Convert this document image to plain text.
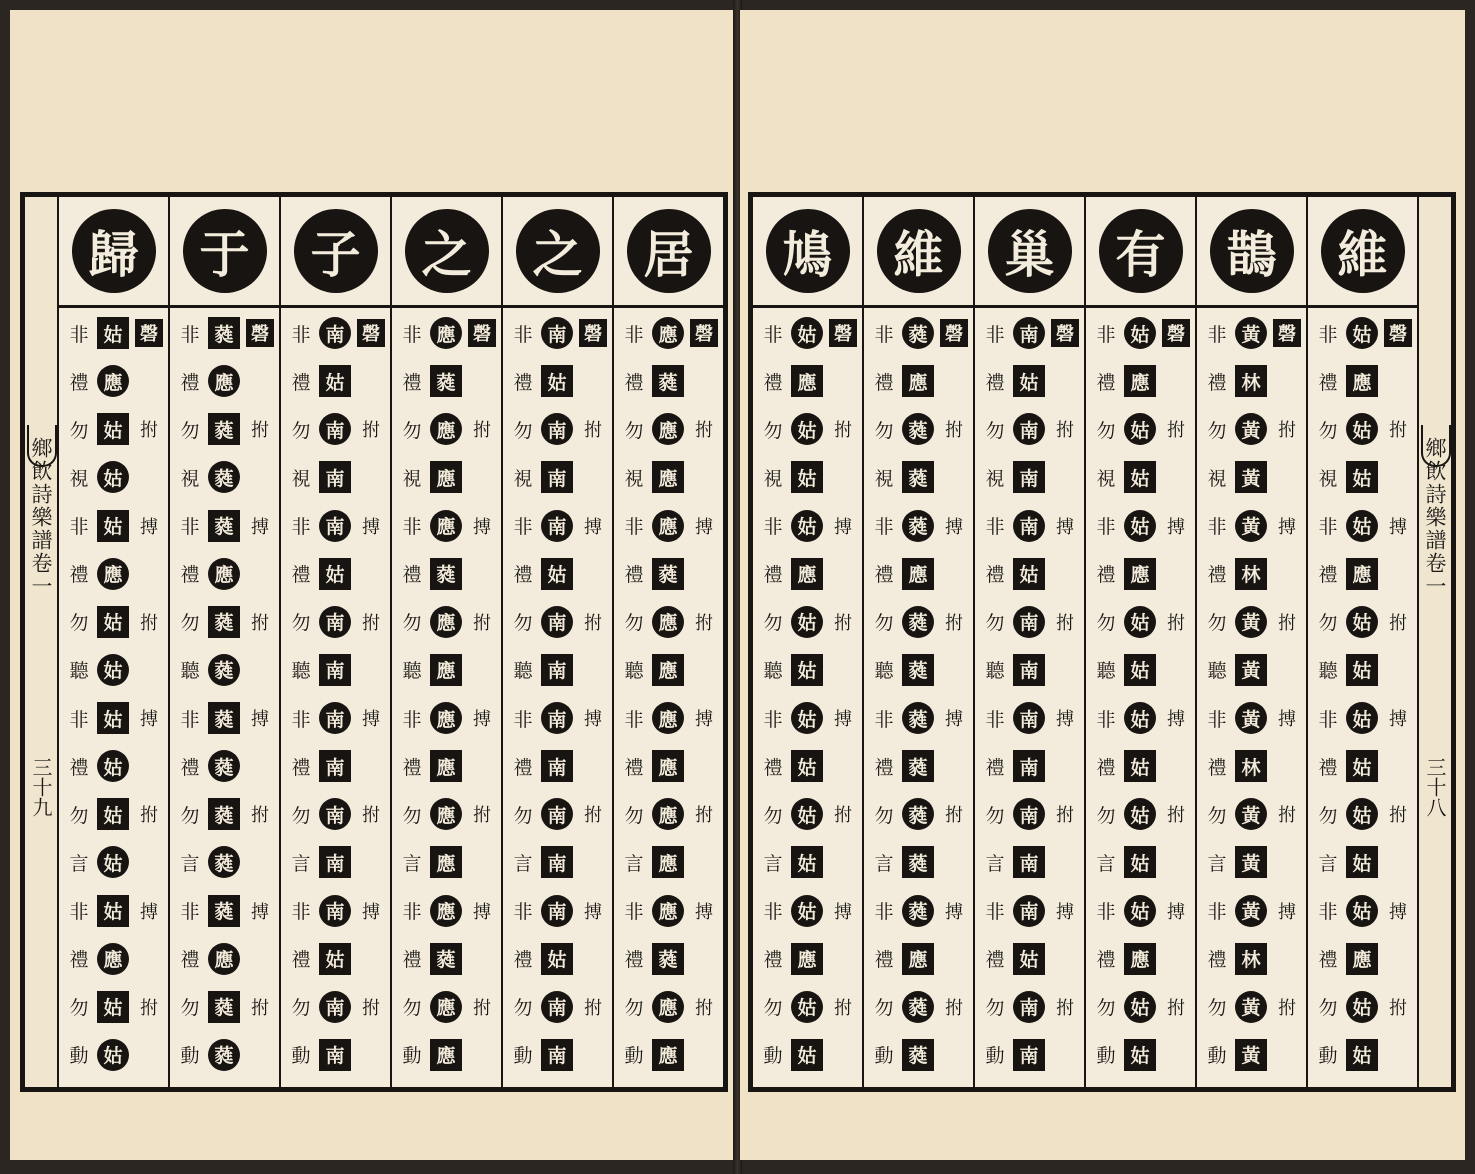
鄉飲詩樂譜卷一
三十九
歸
非 姑 磬
禮 應
勿 姑 拊
視 姑
非 姑 搏
禮 應
勿 姑 拊
聽 姑
非 姑 搏
禮 姑
勿 姑 拊
言 姑
非 姑 搏
禮 應
勿 姑 拊
動 姑
于
非 蕤 磬
禮 應
勿 蕤 拊
視 蕤
非 蕤 搏
禮 應
勿 蕤 拊
聽 蕤
非 蕤 搏
禮 蕤
勿 蕤 拊
言 蕤
非 蕤 搏
禮 應
勿 蕤 拊
動 蕤
子
非 南 磬
禮 姑
勿 南 拊
視 南
非 南 搏
禮 姑
勿 南 拊
聽 南
非 南 搏
禮 南
勿 南 拊
言 南
非 南 搏
禮 姑
勿 南 拊
動 南
之
非 應 磬
禮 蕤
勿 應 拊
視 應
非 應 搏
禮 蕤
勿 應 拊
聽 應
非 應 搏
禮 應
勿 應 拊
言 應
非 應 搏
禮 蕤
勿 應 拊
動 應
之
非 南 磬
禮 姑
勿 南 拊
視 南
非 南 搏
禮 姑
勿 南 拊
聽 南
非 南 搏
禮 南
勿 南 拊
言 南
非 南 搏
禮 姑
勿 南 拊
動 南
居
非 應 磬
禮 蕤
勿 應 拊
視 應
非 應 搏
禮 蕤
勿 應 拊
聽 應
非 應 搏
禮 應
勿 應 拊
言 應
非 應 搏
禮 蕤
勿 應 拊
動 應
鳩
非 姑 磬
禮 應
勿 姑 拊
視 姑
非 姑 搏
禮 應
勿 姑 拊
聽 姑
非 姑 搏
禮 姑
勿 姑 拊
言 姑
非 姑 搏
禮 應
勿 姑 拊
動 姑
維
非 蕤 磬
禮 應
勿 蕤 拊
視 蕤
非 蕤 搏
禮 應
勿 蕤 拊
聽 蕤
非 蕤 搏
禮 蕤
勿 蕤 拊
言 蕤
非 蕤 搏
禮 應
勿 蕤 拊
動 蕤
巢
非 南 磬
禮 姑
勿 南 拊
視 南
非 南 搏
禮 姑
勿 南 拊
聽 南
非 南 搏
禮 南
勿 南 拊
言 南
非 南 搏
禮 姑
勿 南 拊
動 南
有
非 姑 磬
禮 應
勿 姑 拊
視 姑
非 姑 搏
禮 應
勿 姑 拊
聽 姑
非 姑 搏
禮 姑
勿 姑 拊
言 姑
非 姑 搏
禮 應
勿 姑 拊
動 姑
鵲
非 黃 磬
禮 林
勿 黃 拊
視 黃
非 黃 搏
禮 林
勿 黃 拊
聽 黃
非 黃 搏
禮 林
勿 黃 拊
言 黃
非 黃 搏
禮 林
勿 黃 拊
動 黃
維
非 姑 磬
禮 應
勿 姑 拊
視 姑
非 姑 搏
禮 應
勿 姑 拊
聽 姑
非 姑 搏
禮 姑
勿 姑 拊
言 姑
非 姑 搏
禮 應
勿 姑 拊
動 姑
鄉飲詩樂譜卷一
三十八
